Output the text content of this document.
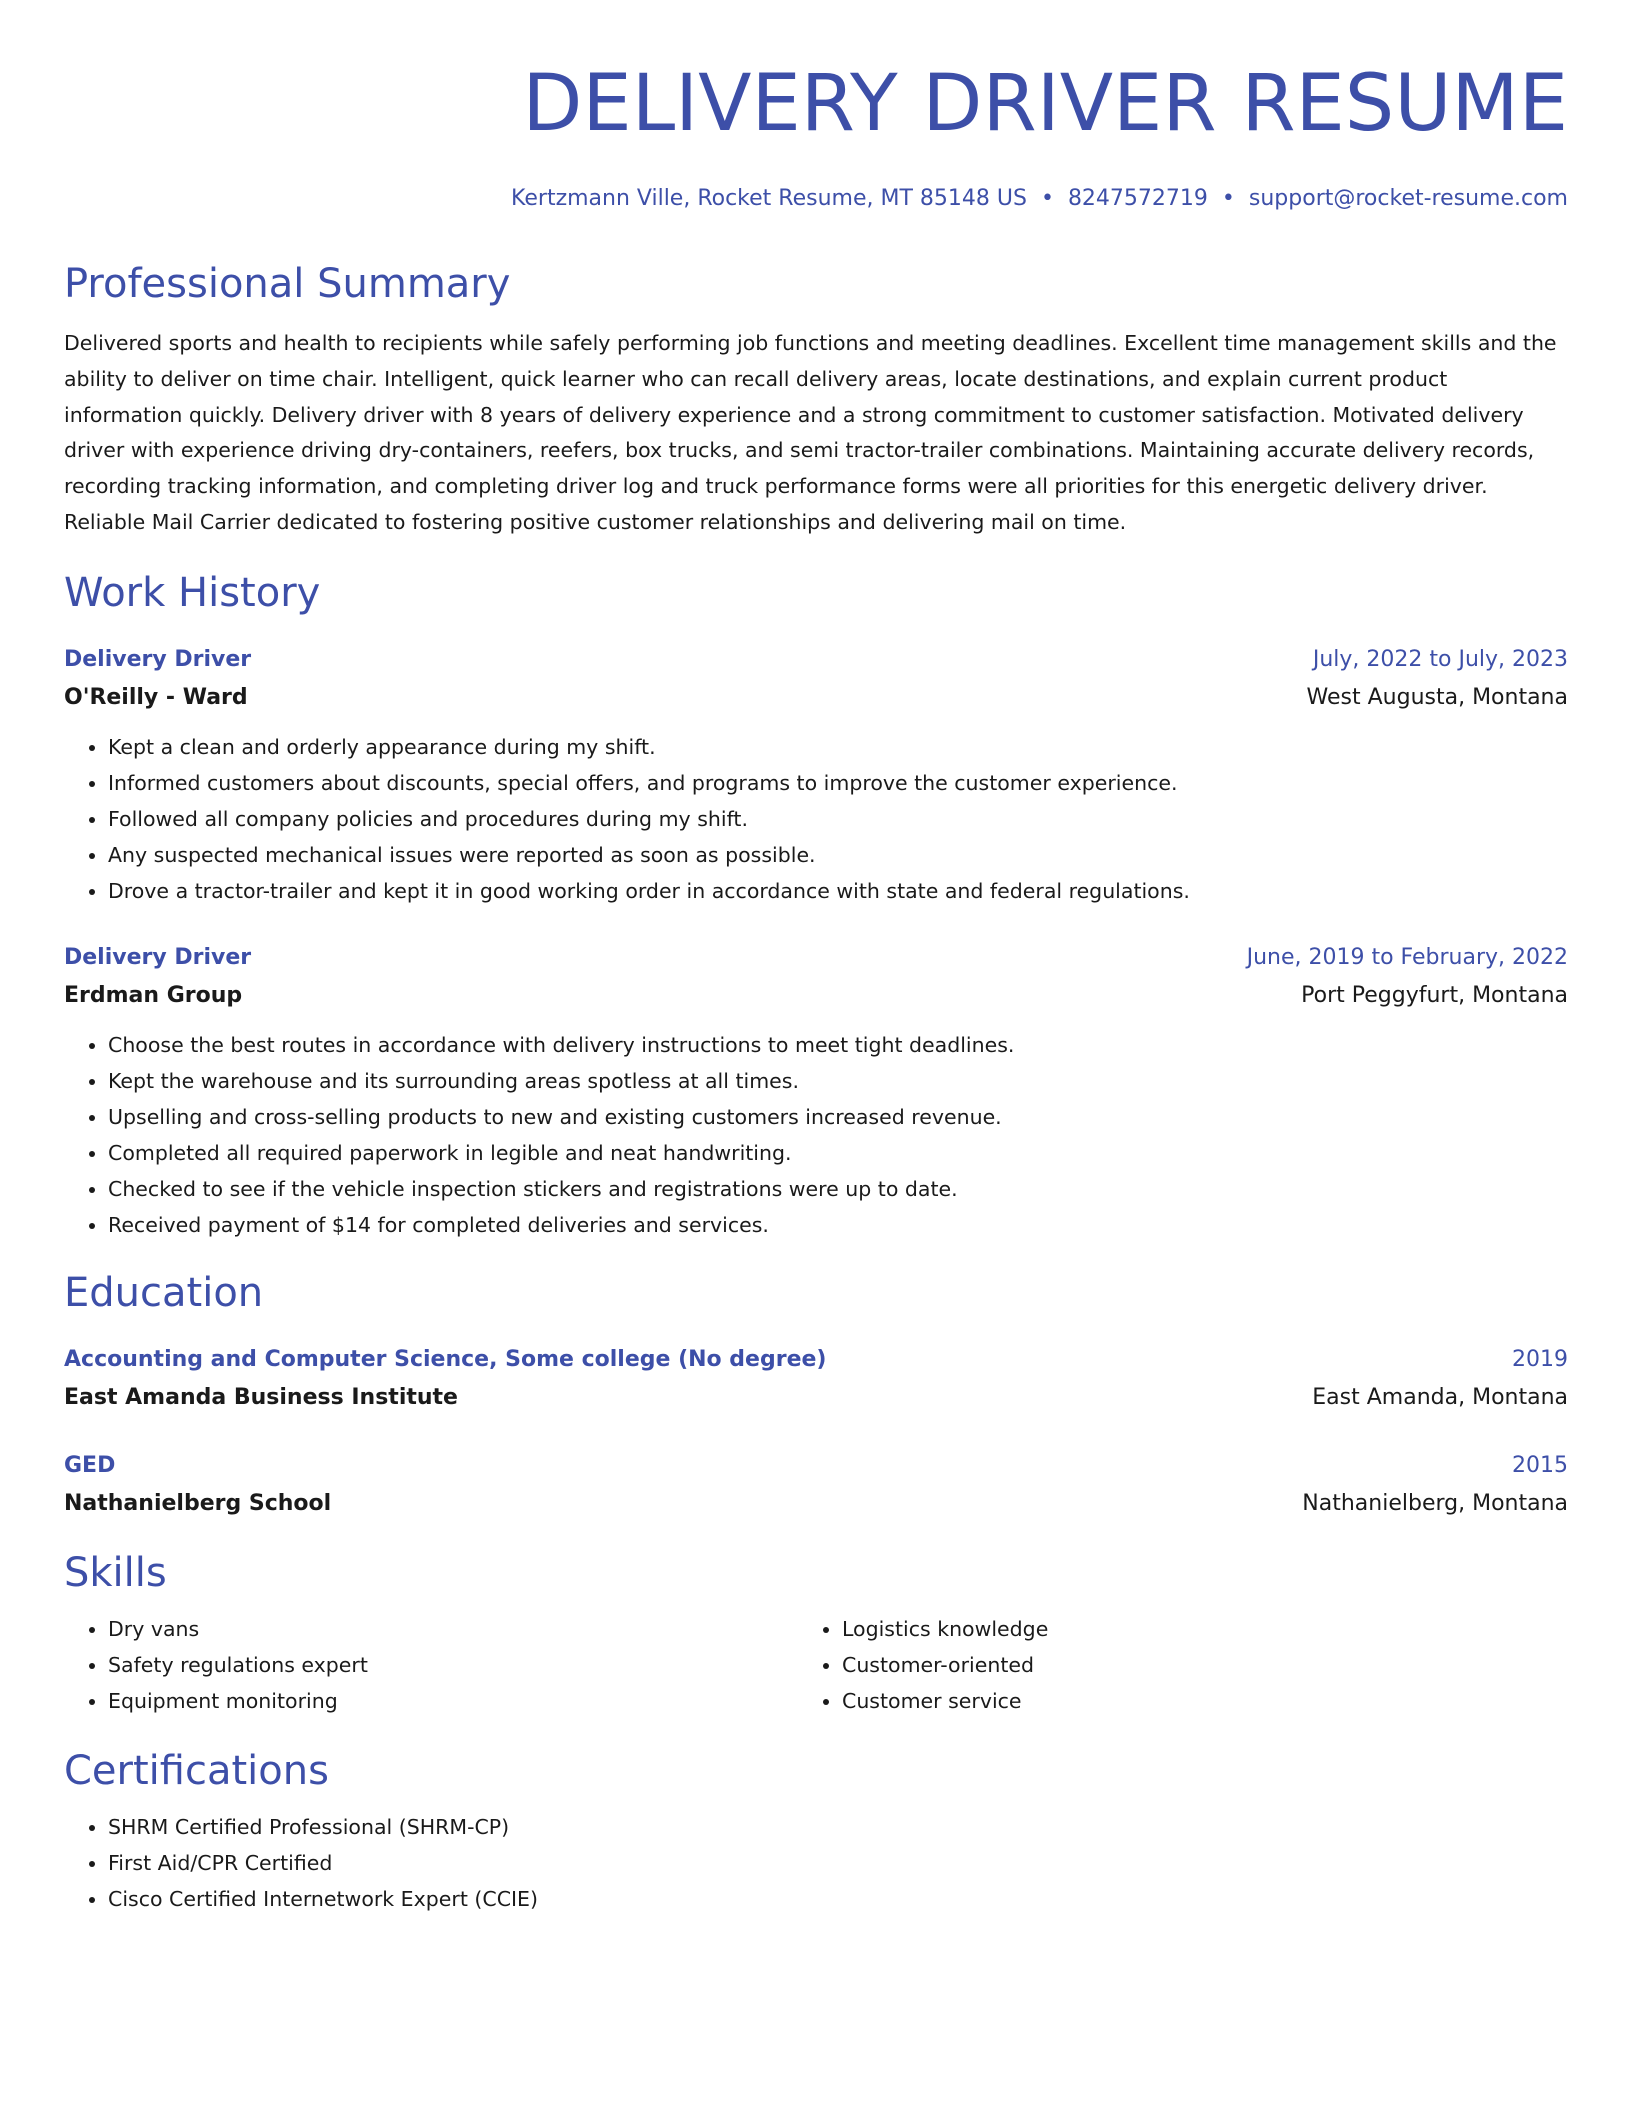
DELIVERY DRIVER RESUME
Kertzmann Ville, Rocket Resume, MT 85148 US • 8247572719 • support@rocket-resume.com
Professional Summary

Delivered sports and health to recipients while safely performing job functions and meeting deadlines. Excellent time management skills and the ability to deliver on time chair. Intelligent, quick learner who can recall delivery areas, locate destinations, and explain current product information quickly. Delivery driver with 8 years of delivery experience and a strong commitment to customer satisfaction. Motivated delivery driver with experience driving dry-containers, reefers, box trucks, and semi tractor-trailer combinations. Maintaining accurate delivery records, recording tracking information, and completing driver log and truck performance forms were all priorities for this energetic delivery driver. Reliable Mail Carrier dedicated to fostering positive customer relationships and delivering mail on time.

Work History
Delivery Driver	July, 2022 to July, 2023
O'Reilly - Ward	West Augusta, Montana
• Kept a clean and orderly appearance during my shift.
• Informed customers about discounts, special offers, and programs to improve the customer experience.
• Followed all company policies and procedures during my shift.
• Any suspected mechanical issues were reported as soon as possible.
• Drove a tractor-trailer and kept it in good working order in accordance with state and federal regulations.
Delivery Driver	June, 2019 to February, 2022
Erdman Group	Port Peggyfurt, Montana
• Choose the best routes in accordance with delivery instructions to meet tight deadlines.
• Kept the warehouse and its surrounding areas spotless at all times.
• Upselling and cross-selling products to new and existing customers increased revenue.
• Completed all required paperwork in legible and neat handwriting.
• Checked to see if the vehicle inspection stickers and registrations were up to date.
• Received payment of $14 for completed deliveries and services.
Education
Accounting and Computer Science, Some college (No degree)	2019
East Amanda Business Institute	East Amanda, Montana
GED	2015
Nathanielberg School	Nathanielberg, Montana
Skills
• Dry vans
• Safety regulations expert
• Equipment monitoring
• Logistics knowledge
• Customer-oriented
• Customer service
Certifications
• SHRM Certified Professional (SHRM-CP)
• First Aid/CPR Certified
• Cisco Certified Internetwork Expert (CCIE)
